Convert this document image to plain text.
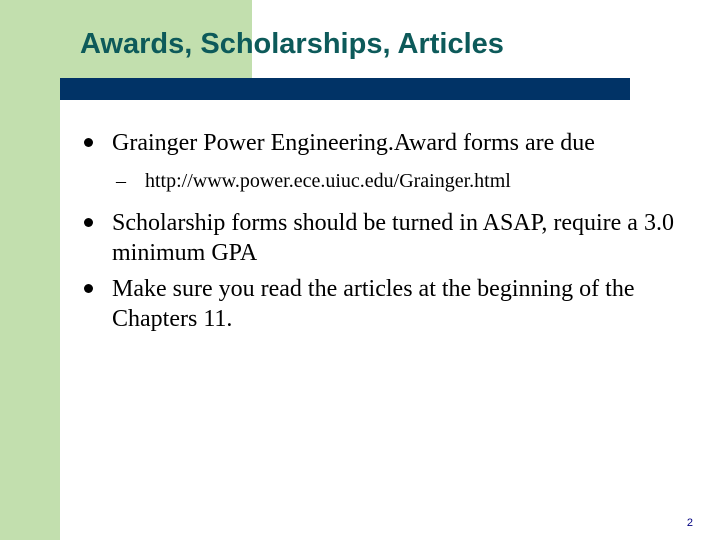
Awards, Scholarships, Articles
Grainger Power Engineering.Award forms are due
– http://www.power.ece.uiuc.edu/Grainger.html
Scholarship forms should be turned in ASAP, require a 3.0 minimum GPA
Make sure you read the articles at the beginning of the Chapters 11.
2
